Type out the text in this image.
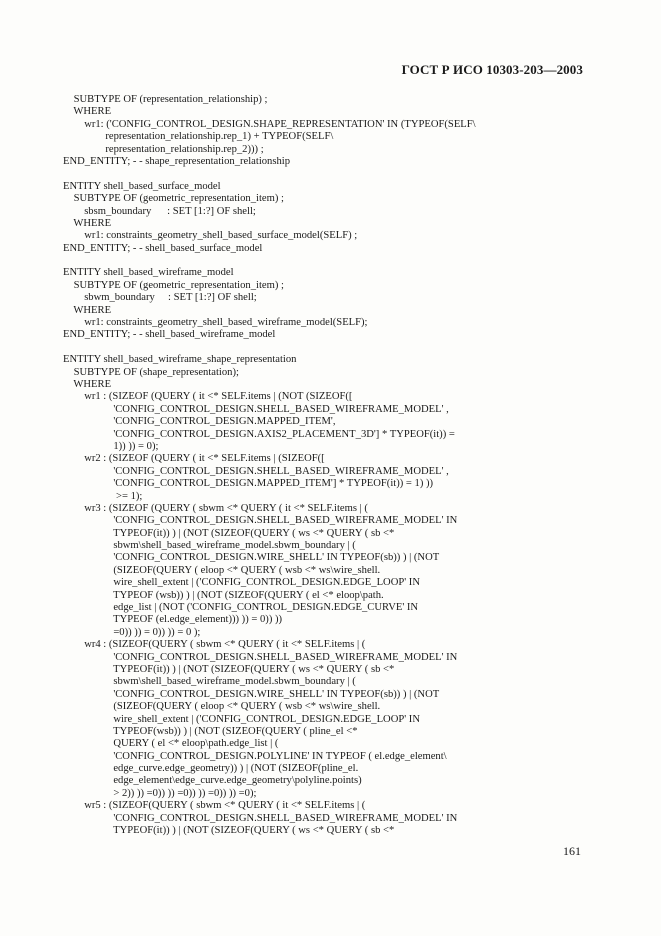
ГОСТ Р ИСО 10303-203—2003
SUBTYPE OF (representation_relationship) ;
WHERE
wr1: ('CONFIG_CONTROL_DESIGN.SHAPE_REPRESENTATION' IN (TYPEOF(SELF\
representation_relationship.rep_1) + TYPEOF(SELF\
representation_relationship.rep_2))) ;
END_ENTITY; - - shape_representation_relationship
ENTITY shell_based_surface_model
SUBTYPE OF (geometric_representation_item) ;
sbsm_boundary      : SET [1:?] OF shell;
WHERE
wr1: constraints_geometry_shell_based_surface_model(SELF) ;
END_ENTITY; - - shell_based_surface_model
ENTITY shell_based_wireframe_model
SUBTYPE OF (geometric_representation_item) ;
sbwm_boundary     : SET [1:?] OF shell;
WHERE
wr1: constraints_geometry_shell_based_wireframe_model(SELF);
END_ENTITY; - - shell_based_wireframe_model
ENTITY shell_based_wireframe_shape_representation
SUBTYPE OF (shape_representation);
WHERE
wr1 : (SIZEOF (QUERY ( it <* SELF.items | (NOT (SIZEOF([
'CONFIG_CONTROL_DESIGN.SHELL_BASED_WIREFRAME_MODEL' ,
'CONFIG_CONTROL_DESIGN.MAPPED_ITEM',
'CONFIG_CONTROL_DESIGN.AXIS2_PLACEMENT_3D'] * TYPEOF(it)) =
1)) )) = 0);
wr2 : (SIZEOF (QUERY ( it <* SELF.items | (SIZEOF([
'CONFIG_CONTROL_DESIGN.SHELL_BASED_WIREFRAME_MODEL' ,
'CONFIG_CONTROL_DESIGN.MAPPED_ITEM'] * TYPEOF(it)) = 1) ))
>= 1);
wr3 : (SIZEOF (QUERY ( sbwm <* QUERY ( it <* SELF.items | (
'CONFIG_CONTROL_DESIGN.SHELL_BASED_WIREFRAME_MODEL' IN
TYPEOF(it)) ) | (NOT (SIZEOF(QUERY ( ws <* QUERY ( sb <*
sbwm\shell_based_wireframe_model.sbwm_boundary | (
'CONFIG_CONTROL_DESIGN.WIRE_SHELL' IN TYPEOF(sb)) ) | (NOT
(SIZEOF(QUERY ( eloop <* QUERY ( wsb <* ws\wire_shell.
wire_shell_extent | ('CONFIG_CONTROL_DESIGN.EDGE_LOOP' IN
TYPEOF (wsb)) ) | (NOT (SIZEOF(QUERY ( el <* eloop\path.
edge_list | (NOT ('CONFIG_CONTROL_DESIGN.EDGE_CURVE' IN
TYPEOF (el.edge_element))) )) = 0)) ))
=0)) )) = 0)) )) = 0 );
wr4 : (SIZEOF(QUERY ( sbwm <* QUERY ( it <* SELF.items | (
'CONFIG_CONTROL_DESIGN.SHELL_BASED_WIREFRAME_MODEL' IN
TYPEOF(it)) ) | (NOT (SIZEOF(QUERY ( ws <* QUERY ( sb <*
sbwm\shell_based_wireframe_model.sbwm_boundary | (
'CONFIG_CONTROL_DESIGN.WIRE_SHELL' IN TYPEOF(sb)) ) | (NOT
(SIZEOF(QUERY ( eloop <* QUERY ( wsb <* ws\wire_shell.
wire_shell_extent | ('CONFIG_CONTROL_DESIGN.EDGE_LOOP' IN
TYPEOF(wsb)) ) | (NOT (SIZEOF(QUERY ( pline_el <*
QUERY ( el <* eloop\path.edge_list | (
'CONFIG_CONTROL_DESIGN.POLYLINE' IN TYPEOF ( el.edge_element\
edge_curve.edge_geometry)) ) | (NOT (SIZEOF(pline_el.
edge_element\edge_curve.edge_geometry\polyline.points)
> 2)) )) =0)) )) =0)) )) =0)) )) =0);
wr5 : (SIZEOF(QUERY ( sbwm <* QUERY ( it <* SELF.items | (
'CONFIG_CONTROL_DESIGN.SHELL_BASED_WIREFRAME_MODEL' IN
TYPEOF(it)) ) | (NOT (SIZEOF(QUERY ( ws <* QUERY ( sb <*
161
